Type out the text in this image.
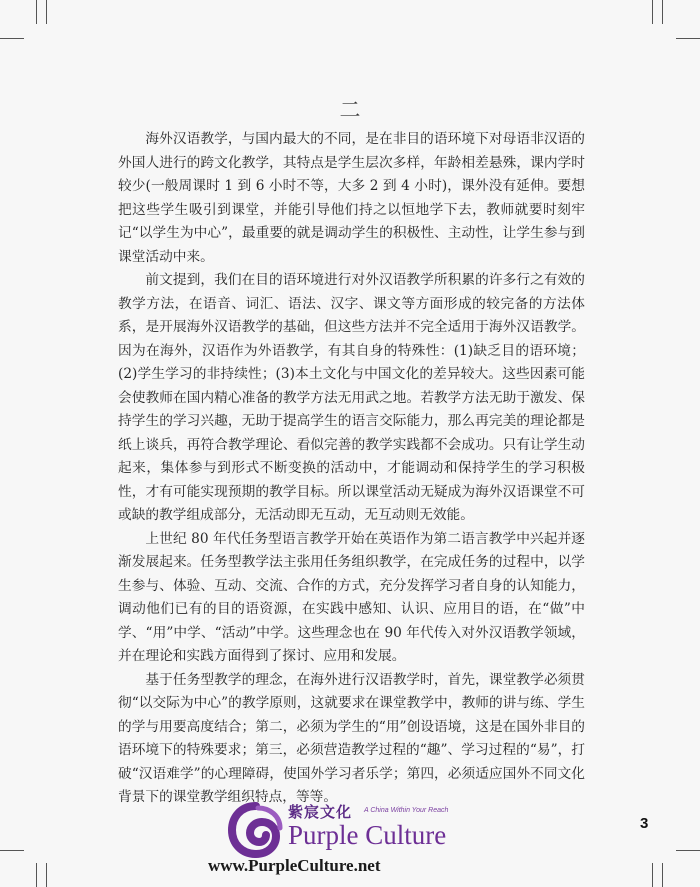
二

海外汉语教学，与国内最大的不同，是在非目的语环境下对母语非汉语的外国人进行的跨文化教学，其特点是学生层次多样，年龄相差悬殊，课内学时较少(一般周课时 1 到 6 小时不等，大多 2 到 4 小时)，课外没有延伸。要想把这些学生吸引到课堂，并能引导他们持之以恒地学下去，教师就要时刻牢记“以学生为中心”，最重要的就是调动学生的积极性、主动性，让学生参与到课堂活动中来。

前文提到，我们在目的语环境进行对外汉语教学所积累的许多行之有效的教学方法，在语音、词汇、语法、汉字、课文等方面形成的较完备的方法体系，是开展海外汉语教学的基础，但这些方法并不完全适用于海外汉语教学。因为在海外，汉语作为外语教学，有其自身的特殊性：(1)缺乏目的语环境；(2)学生学习的非持续性；(3)本土文化与中国文化的差异较大。这些因素可能会使教师在国内精心准备的教学方法无用武之地。若教学方法无助于激发、保持学生的学习兴趣，无助于提高学生的语言交际能力，那么再完美的理论都是纸上谈兵，再符合教学理论、看似完善的教学实践都不会成功。只有让学生动起来，集体参与到形式不断变换的活动中，才能调动和保持学生的学习积极性，才有可能实现预期的教学目标。所以课堂活动无疑成为海外汉语课堂不可或缺的教学组成部分，无活动即无互动，无互动则无效能。

上世纪 80 年代任务型语言教学开始在英语作为第二语言教学中兴起并逐渐发展起来。任务型教学法主张用任务组织教学，在完成任务的过程中，以学生参与、体验、互动、交流、合作的方式，充分发挥学习者自身的认知能力，调动他们已有的目的语资源，在实践中感知、认识、应用目的语，在“做”中学、“用”中学、“活动”中学。这些理念也在 90 年代传入对外汉语教学领域，并在理论和实践方面得到了探讨、应用和发展。

基于任务型教学的理念，在海外进行汉语教学时，首先，课堂教学必须贯彻“以交际为中心”的教学原则，这就要求在课堂教学中，教师的讲与练、学生的学与用要高度结合；第二，必须为学生的“用”创设语境，这是在国外非目的语环境下的特殊要求；第三，必须营造教学过程的“趣”、学习过程的“易”，打破“汉语难学”的心理障碍，使国外学习者乐学；第四，必须适应国外不同文化背景下的课堂教学组织特点，等等。

3
紫宸文化 A China Within Your Reach
Purple Culture
www.PurpleCulture.net
